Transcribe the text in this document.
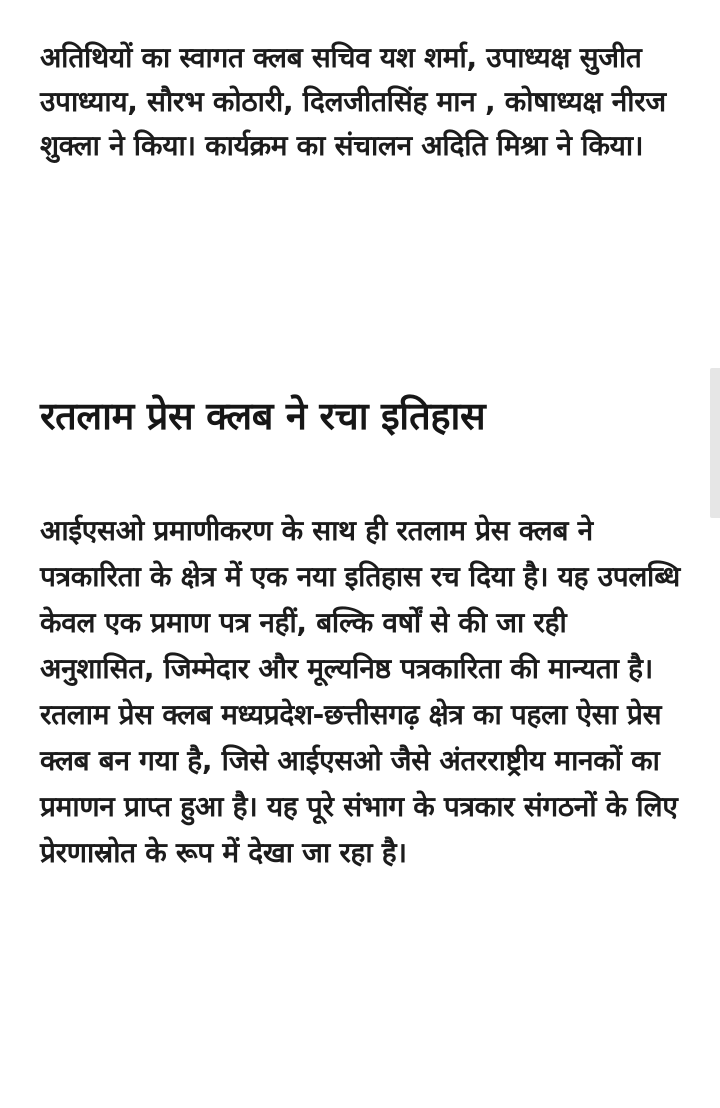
अतिथियों का स्वागत क्लब सचिव यश शर्मा, उपाध्यक्ष सुजीत उपाध्याय, सौरभ कोठारी, दिलजीतसिंह मान , कोषाध्यक्ष नीरज शुक्ला ने किया। कार्यक्रम का संचालन अदिति मिश्रा ने किया।

रतलाम प्रेस क्लब ने रचा इतिहास

आईएसओ प्रमाणीकरण के साथ ही रतलाम प्रेस क्लब ने पत्रकारिता के क्षेत्र में एक नया इतिहास रच दिया है। यह उपलब्धि केवल एक प्रमाण पत्र नहीं, बल्कि वर्षों से की जा रही अनुशासित, जिम्मेदार और मूल्यनिष्ठ पत्रकारिता की मान्यता है। रतलाम प्रेस क्लब मध्यप्रदेश-छत्तीसगढ़ क्षेत्र का पहला ऐसा प्रेस क्लब बन गया है, जिसे आईएसओ जैसे अंतरराष्ट्रीय मानकों का प्रमाणन प्राप्त हुआ है। यह पूरे संभाग के पत्रकार संगठनों के लिए प्रेरणास्रोत के रूप में देखा जा रहा है।
